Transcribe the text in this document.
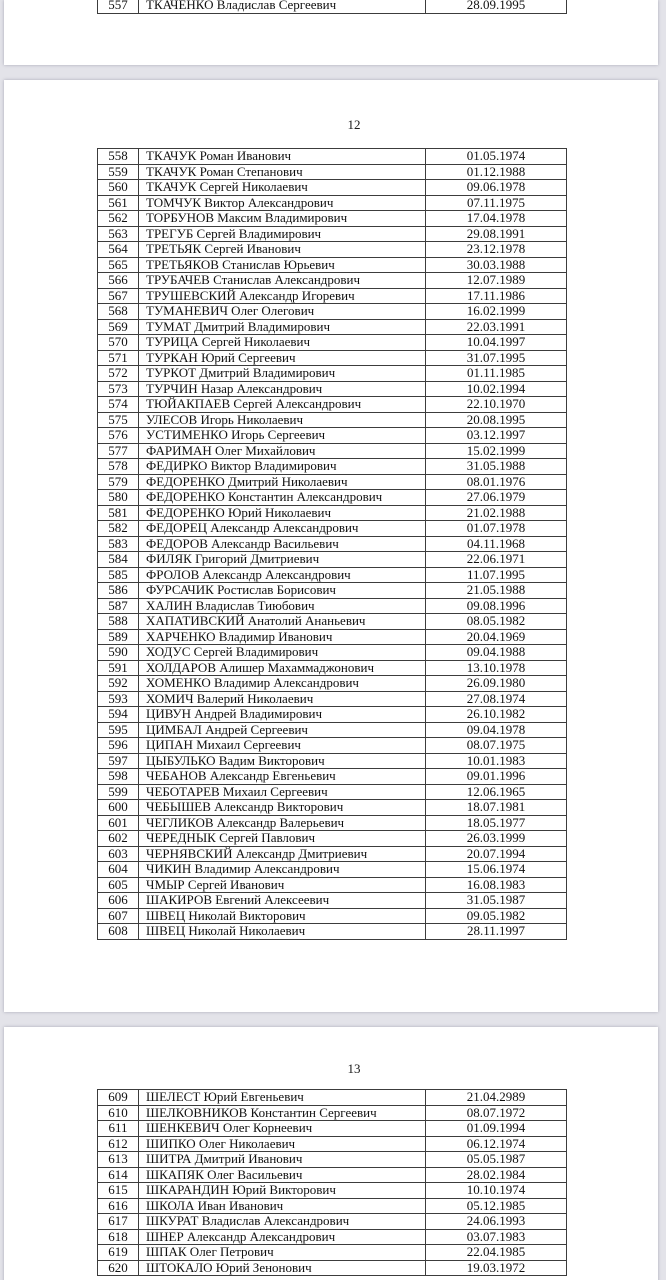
557	ТКАЧЕНКО Владислав Сергеевич	28.09.1995
12
558	ТКАЧУК Роман Иванович	01.05.1974
559	ТКАЧУК Роман Степанович	01.12.1988
560	ТКАЧУК Сергей Николаевич	09.06.1978
561	ТОМЧУК Виктор Александрович	07.11.1975
562	ТОРБУНОВ Максим Владимирович	17.04.1978
563	ТРЕГУБ Сергей Владимирович	29.08.1991
564	ТРЕТЬЯК Сергей Иванович	23.12.1978
565	ТРЕТЬЯКОВ Станислав Юрьевич	30.03.1988
566	ТРУБАЧЕВ Станислав Александрович	12.07.1989
567	ТРУШЕВСКИЙ Александр Игоревич	17.11.1986
568	ТУМАНЕВИЧ Олег Олегович	16.02.1999
569	ТУМАТ Дмитрий Владимирович	22.03.1991
570	ТУРИЦА Сергей Николаевич	10.04.1997
571	ТУРКАН Юрий Сергеевич	31.07.1995
572	ТУРКОТ Дмитрий Владимирович	01.11.1985
573	ТУРЧИН Назар Александрович	10.02.1994
574	ТЮЙАКПАЕВ Сергей Александрович	22.10.1970
575	УЛЕСОВ Игорь Николаевич	20.08.1995
576	УСТИМЕНКО Игорь Сергеевич	03.12.1997
577	ФАРИМАН Олег Михайлович	15.02.1999
578	ФЕДИРКО Виктор Владимирович	31.05.1988
579	ФЕДОРЕНКО Дмитрий Николаевич	08.01.1976
580	ФЕДОРЕНКО Константин Александрович	27.06.1979
581	ФЕДОРЕНКО Юрий Николаевич	21.02.1988
582	ФЕДОРЕЦ Александр Александрович	01.07.1978
583	ФЕДОРОВ Александр Васильевич	04.11.1968
584	ФИЛЯК Григорий Дмитриевич	22.06.1971
585	ФРОЛОВ Александр Александрович	11.07.1995
586	ФУРСАЧИК Ростислав Борисович	21.05.1988
587	ХАЛИН Владислав Тиюбович	09.08.1996
588	ХАПАТИВСКИЙ Анатолий Ананьевич	08.05.1982
589	ХАРЧЕНКО Владимир Иванович	20.04.1969
590	ХОДУС Сергей Владимирович	09.04.1988
591	ХОЛДАРОВ Алишер Махаммаджонович	13.10.1978
592	ХОМЕНКО Владимир Александрович	26.09.1980
593	ХОМИЧ Валерий Николаевич	27.08.1974
594	ЦИВУН Андрей Владимирович	26.10.1982
595	ЦИМБАЛ Андрей Сергеевич	09.04.1978
596	ЦИПАН Михаил Сергеевич	08.07.1975
597	ЦЫБУЛЬКО Вадим Викторович	10.01.1983
598	ЧЕБАНОВ Александр Евгеньевич	09.01.1996
599	ЧЕБОТАРЕВ Михаил Сергеевич	12.06.1965
600	ЧЕБЫШЕВ Александр Викторович	18.07.1981
601	ЧЕГЛИКОВ Александр Валерьевич	18.05.1977
602	ЧЕРЕДНЫК Сергей Павлович	26.03.1999
603	ЧЕРНЯВСКИЙ Александр Дмитриевич	20.07.1994
604	ЧИКИН Владимир Александрович	15.06.1974
605	ЧМЫР Сергей Иванович	16.08.1983
606	ШАКИРОВ Евгений Алексеевич	31.05.1987
607	ШВЕЦ Николай Викторович	09.05.1982
608	ШВЕЦ Николай Николаевич	28.11.1997
13
609	ШЕЛЕСТ Юрий Евгеньевич	21.04.2989
610	ШЕЛКОВНИКОВ Константин Сергеевич	08.07.1972
611	ШЕНКЕВИЧ Олег Корнеевич	01.09.1994
612	ШИПКО Олег Николаевич	06.12.1974
613	ШИТРА Дмитрий Иванович	05.05.1987
614	ШКАПЯК Олег Васильевич	28.02.1984
615	ШКАРАНДИН Юрий Викторович	10.10.1974
616	ШКОЛА Иван Иванович	05.12.1985
617	ШКУРАТ Владислав Александрович	24.06.1993
618	ШНЕР Александр Александрович	03.07.1983
619	ШПАК Олег Петрович	22.04.1985
620	ШТОКАЛО Юрий Зенонович	19.03.1972
